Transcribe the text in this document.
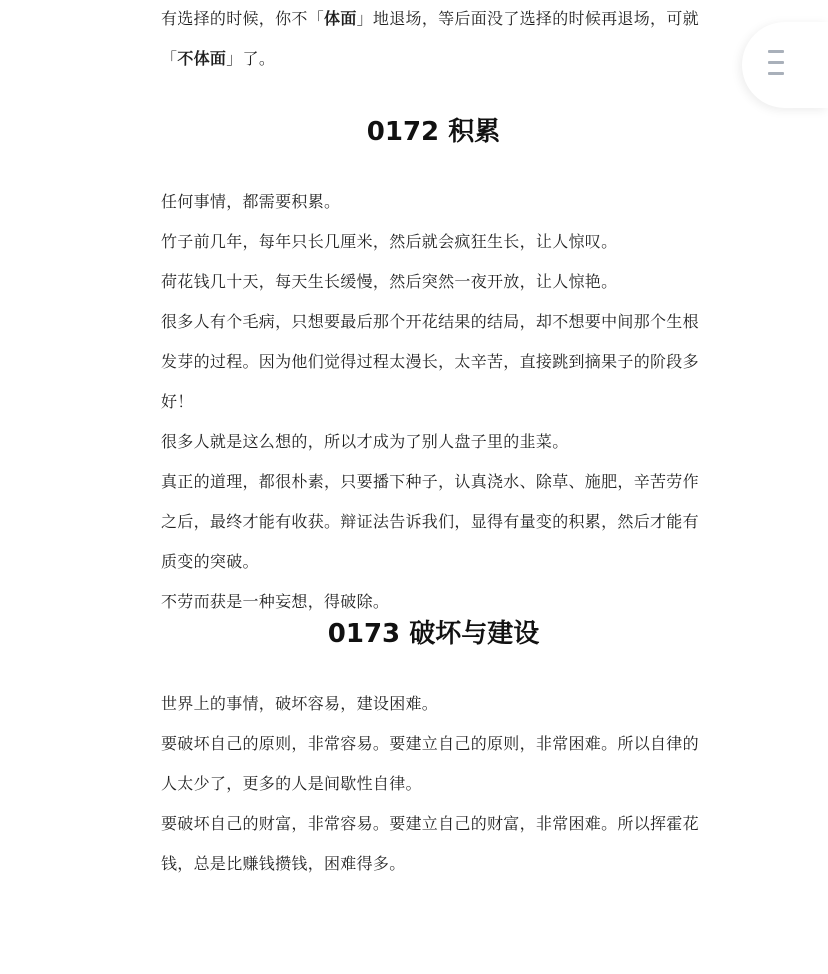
有选择的时候，你不「体面」地退场，等后面没了选择的时候再退场，可就「不体面」了。

0172 积累

任何事情，都需要积累。

竹子前几年，每年只长几厘米，然后就会疯狂生长，让人惊叹。

荷花钱几十天，每天生长缓慢，然后突然一夜开放，让人惊艳。

很多人有个毛病，只想要最后那个开花结果的结局，却不想要中间那个生根发芽的过程。因为他们觉得过程太漫长，太辛苦，直接跳到摘果子的阶段多好！

很多人就是这么想的，所以才成为了别人盘子里的韭菜。

真正的道理，都很朴素，只要播下种子，认真浇水、除草、施肥，辛苦劳作之后，最终才能有收获。辩证法告诉我们，显得有量变的积累，然后才能有质变的突破。

不劳而获是一种妄想，得破除。

0173 破坏与建设

世界上的事情，破坏容易，建设困难。

要破坏自己的原则，非常容易。要建立自己的原则，非常困难。所以自律的人太少了，更多的人是间歇性自律。

要破坏自己的财富，非常容易。要建立自己的财富，非常困难。所以挥霍花钱，总是比赚钱攒钱，困难得多。
